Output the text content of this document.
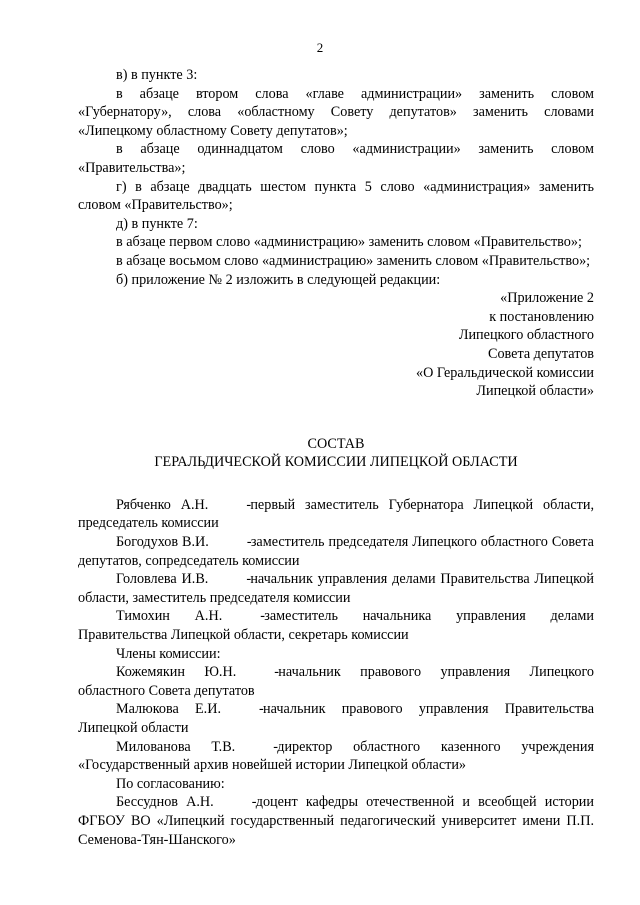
2

в) в пункте 3:

в абзаце втором слова «главе администрации» заменить словом «Губернатору», слова «областному Совету депутатов» заменить словами «Липецкому областному Совету депутатов»;

в абзаце одиннадцатом слово «администрации» заменить словом «Правительства»;

г) в абзаце двадцать шестом пункта 5 слово «администрация» заменить словом «Правительство»;

д) в пункте 7:

в абзаце первом слово «администрацию» заменить словом «Правительство»;

в абзаце восьмом слово «администрацию» заменить словом «Правительство»;

б) приложение № 2 изложить в следующей редакции:

«Приложение 2

к постановлению

Липецкого областного

Совета депутатов

«О Геральдической комиссии

Липецкой области»

СОСТАВ
ГЕРАЛЬДИЧЕСКОЙ КОМИССИИ ЛИПЕЦКОЙ ОБЛАСТИ

Рябченко А.Н.	-первый заместитель Губернатора Липецкой области, председатель комиссии

Богодухов В.И.	-заместитель председателя Липецкого областного Совета депутатов, сопредседатель комиссии

Головлева И.В.	-начальник управления делами Правительства Липецкой области, заместитель председателя комиссии

Тимохин А.Н.	-заместитель начальника управления делами Правительства Липецкой области, секретарь комиссии

Члены комиссии:

Кожемякин Ю.Н.	-начальник правового управления Липецкого областного Совета депутатов

Малюкова Е.И.	-начальник правового управления Правительства Липецкой области

Милованова Т.В.	-директор областного казенного учреждения «Государственный архив новейшей истории Липецкой области»

По согласованию:

Бессуднов А.Н.	-доцент кафедры отечественной и всеобщей истории ФГБОУ ВО «Липецкий государственный педагогический университет имени П.П. Семенова-Тян-Шанского»
